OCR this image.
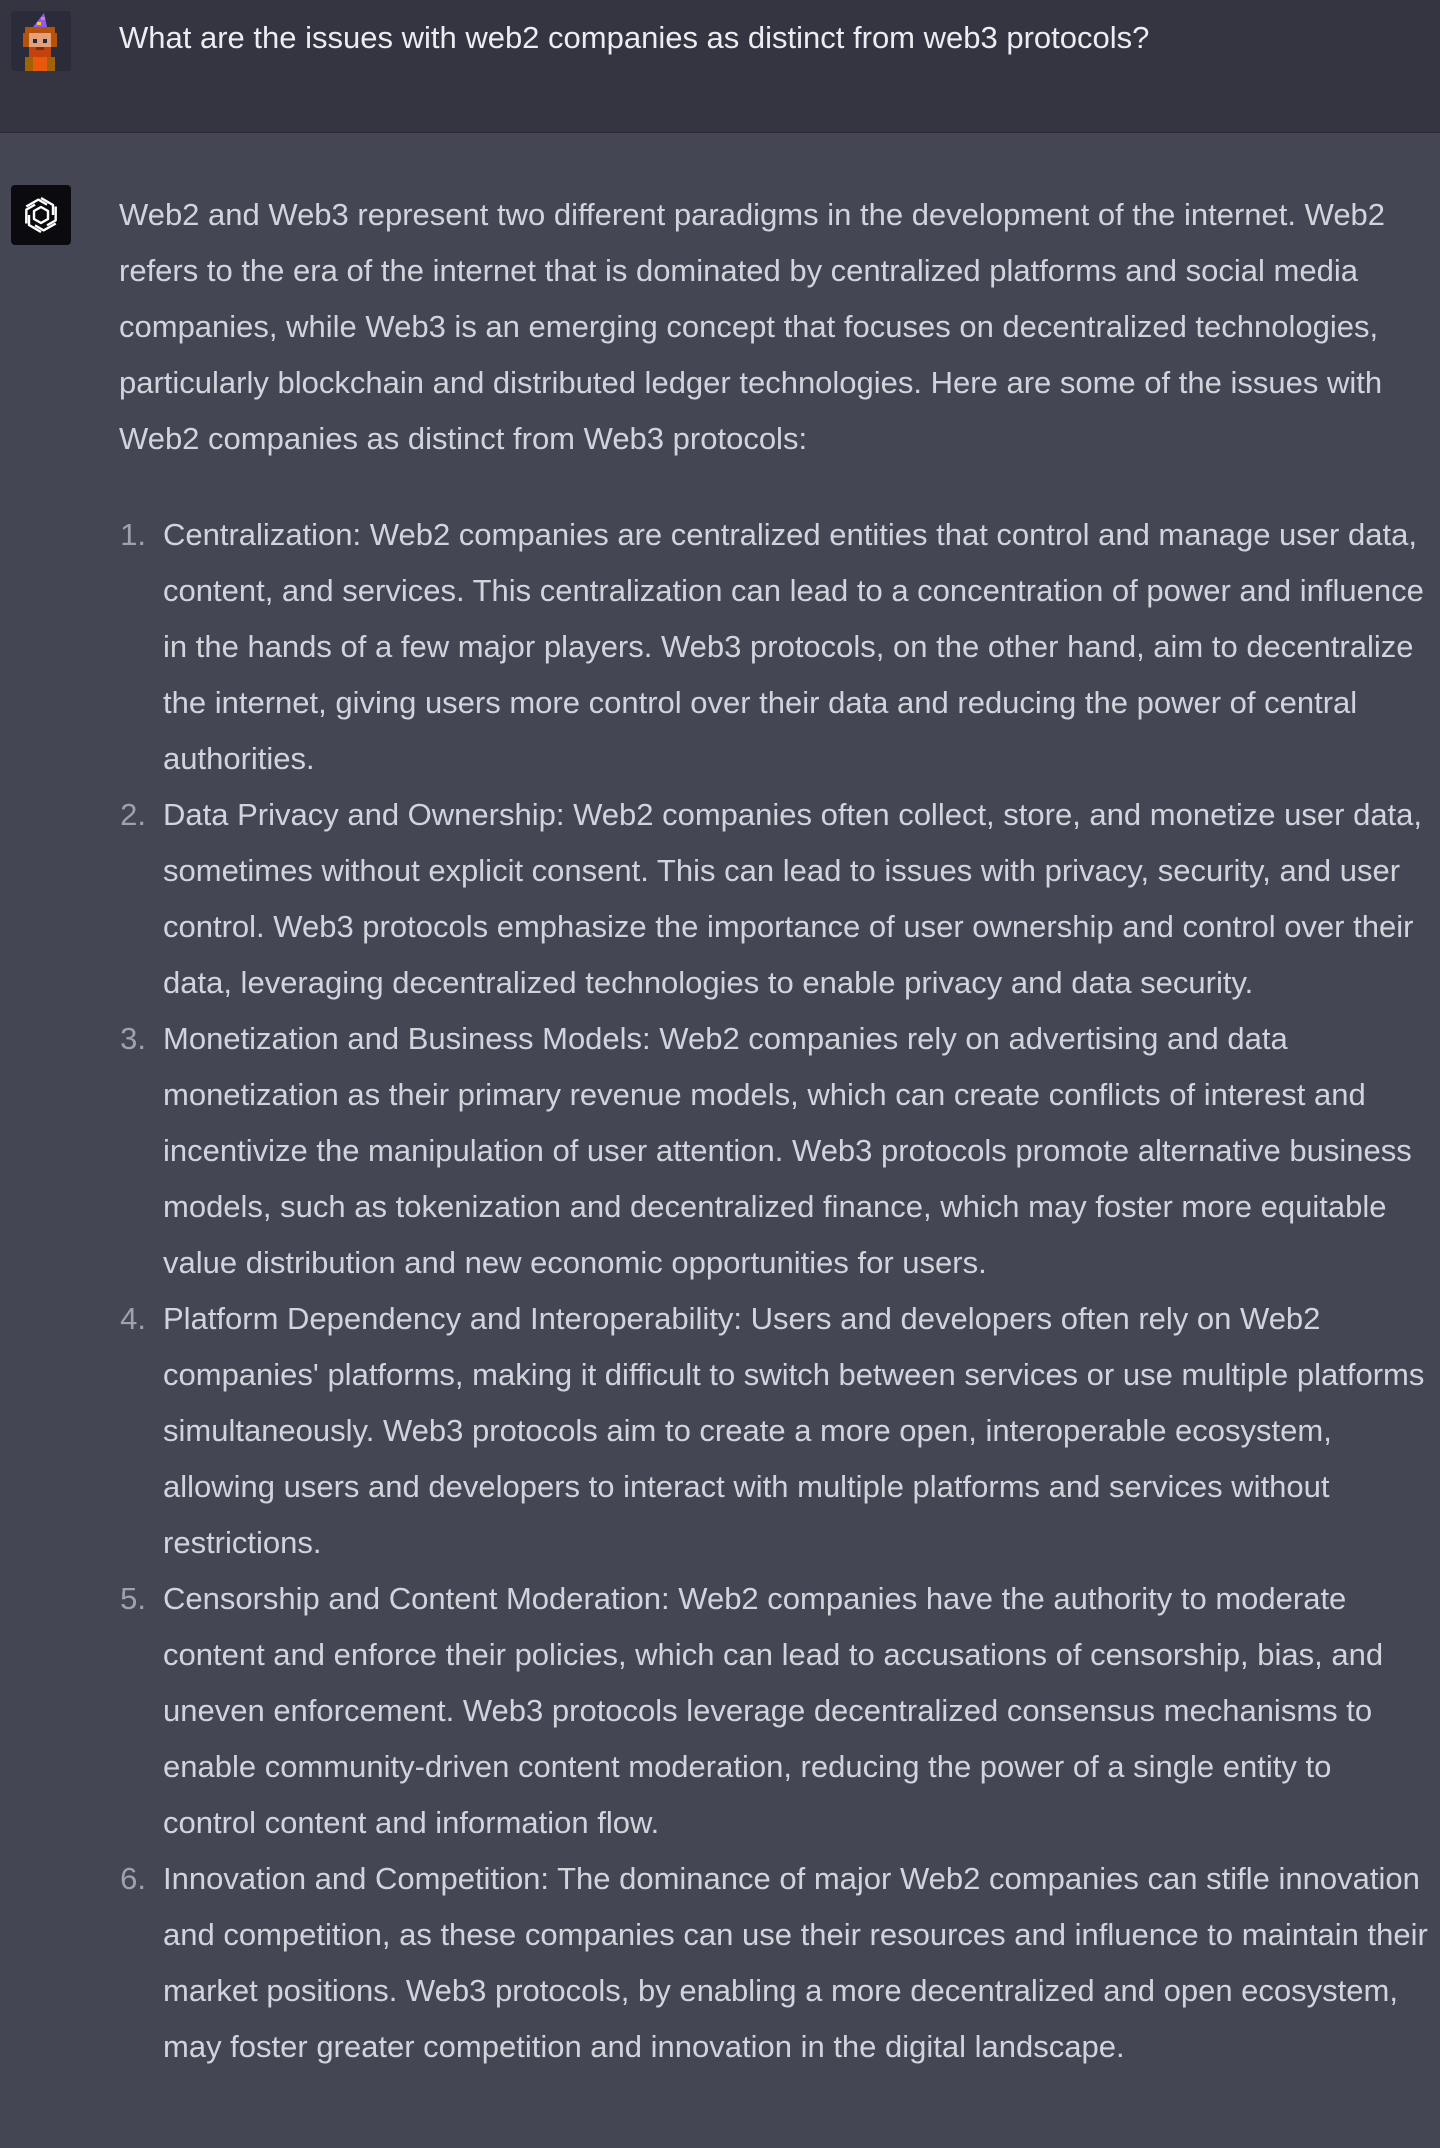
What are the issues with web2 companies as distinct from web3 protocols?

Web2 and Web3 represent two different paradigms in the development of the internet. Web2 refers to the era of the internet that is dominated by centralized platforms and social media companies, while Web3 is an emerging concept that focuses on decentralized technologies, particularly blockchain and distributed ledger technologies. Here are some of the issues with Web2 companies as distinct from Web3 protocols:

1. Centralization: Web2 companies are centralized entities that control and manage user data, content, and services. This centralization can lead to a concentration of power and influence in the hands of a few major players. Web3 protocols, on the other hand, aim to decentralize the internet, giving users more control over their data and reducing the power of central authorities.
2. Data Privacy and Ownership: Web2 companies often collect, store, and monetize user data, sometimes without explicit consent. This can lead to issues with privacy, security, and user control. Web3 protocols emphasize the importance of user ownership and control over their data, leveraging decentralized technologies to enable privacy and data security.
3. Monetization and Business Models: Web2 companies rely on advertising and data monetization as their primary revenue models, which can create conflicts of interest and incentivize the manipulation of user attention. Web3 protocols promote alternative business models, such as tokenization and decentralized finance, which may foster more equitable value distribution and new economic opportunities for users.
4. Platform Dependency and Interoperability: Users and developers often rely on Web2 companies' platforms, making it difficult to switch between services or use multiple platforms simultaneously. Web3 protocols aim to create a more open, interoperable ecosystem, allowing users and developers to interact with multiple platforms and services without restrictions.
5. Censorship and Content Moderation: Web2 companies have the authority to moderate content and enforce their policies, which can lead to accusations of censorship, bias, and uneven enforcement. Web3 protocols leverage decentralized consensus mechanisms to enable community-driven content moderation, reducing the power of a single entity to control content and information flow.
6. Innovation and Competition: The dominance of major Web2 companies can stifle innovation and competition, as these companies can use their resources and influence to maintain their market positions. Web3 protocols, by enabling a more decentralized and open ecosystem, may foster greater competition and innovation in the digital landscape.
